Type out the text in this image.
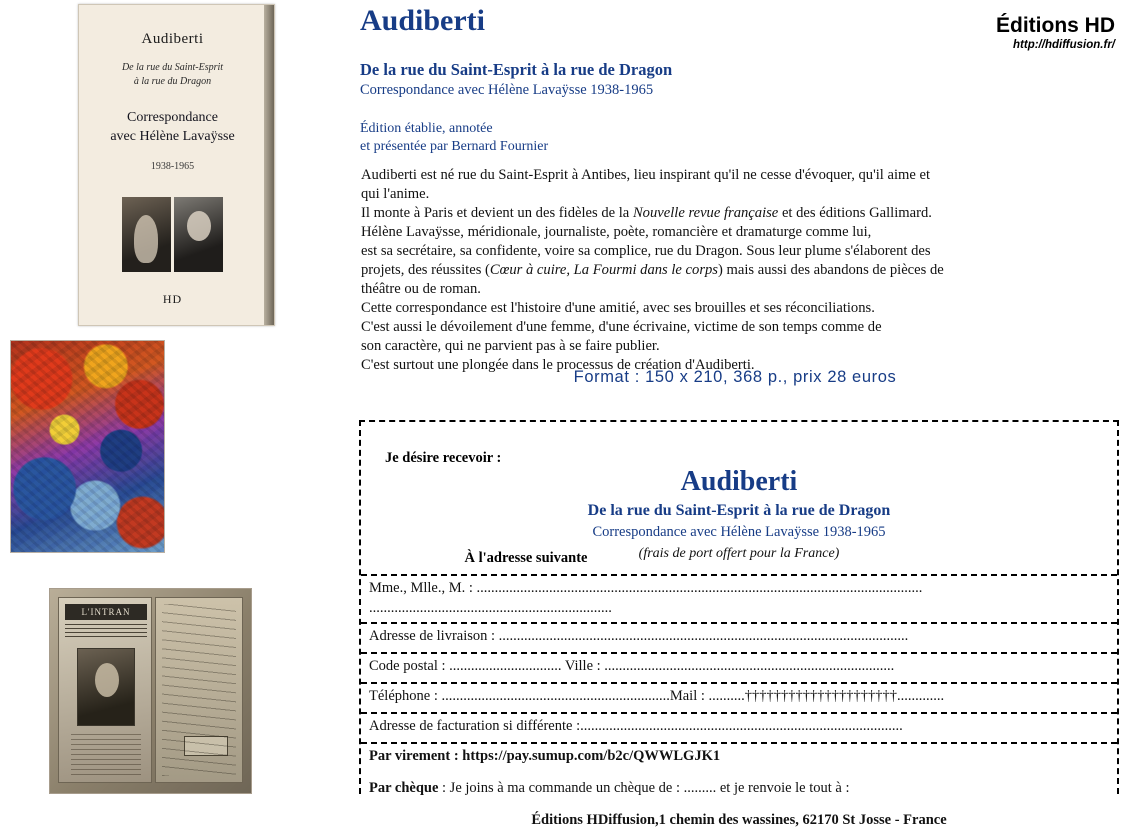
Audiberti
De la rue du Saint-Esprit
à la rue du Dragon
Correspondance
avec Hélène Lavaÿsse
1938-1965
HD
L'INTRAN
Audiberti	Éditions HD
http://hdiffusion.fr/
De la rue du Saint-Esprit à la rue de Dragon
Correspondance avec Hélène Lavaÿsse 1938-1965
Édition établie, annotée
et présentée par Bernard Fournier
Audiberti est né rue du Saint-Esprit à Antibes, lieu inspirant qu'il ne cesse d'évoquer, qu'il aime et
qui l'anime.
Il monte à Paris et devient un des fidèles de la Nouvelle revue française et des éditions Gallimard.
Hélène Lavaÿsse, méridionale, journaliste, poète, romancière et dramaturge comme lui,
est sa secrétaire, sa confidente, voire sa complice, rue du Dragon. Sous leur plume s'élaborent des
projets, des réussites (Cœur à cuire, La Fourmi dans le corps) mais aussi des abandons de pièces de
théâtre ou de roman.
Cette correspondance est l'histoire d'une amitié, avec ses brouilles et ses réconciliations.
C'est aussi le dévoilement d'une femme, d'une écrivaine, victime de son temps comme de
son caractère, qui ne parvient pas à se faire publier.
C'est surtout une plongée dans le processus de création d'Audiberti.
Format : 150 x 210, 368 p., prix 28 euros
Je désire recevoir :
Audiberti
De la rue du Saint-Esprit à la rue de Dragon
Correspondance avec Hélène Lavaÿsse 1938-1965
(frais de port offert pour la France)
À l'adresse suivante
Mme., Mlle., M. : ...........................................................................................................................
...................................................................
Adresse de livraison : .................................................................................................................
Code postal : ............................... Ville : ................................................................................
Téléphone : ...............................................................Mail : ..........†††††††††††††††††††††.............
Adresse de facturation si différente :.........................................................................................
Par virement : https://pay.sumup.com/b2c/QWWLGJK1
Par chèque : Je joins à ma commande un chèque de : ......... et je renvoie le tout à :
Éditions HDiffusion,1 chemin des wassines, 62170 St Josse - France
